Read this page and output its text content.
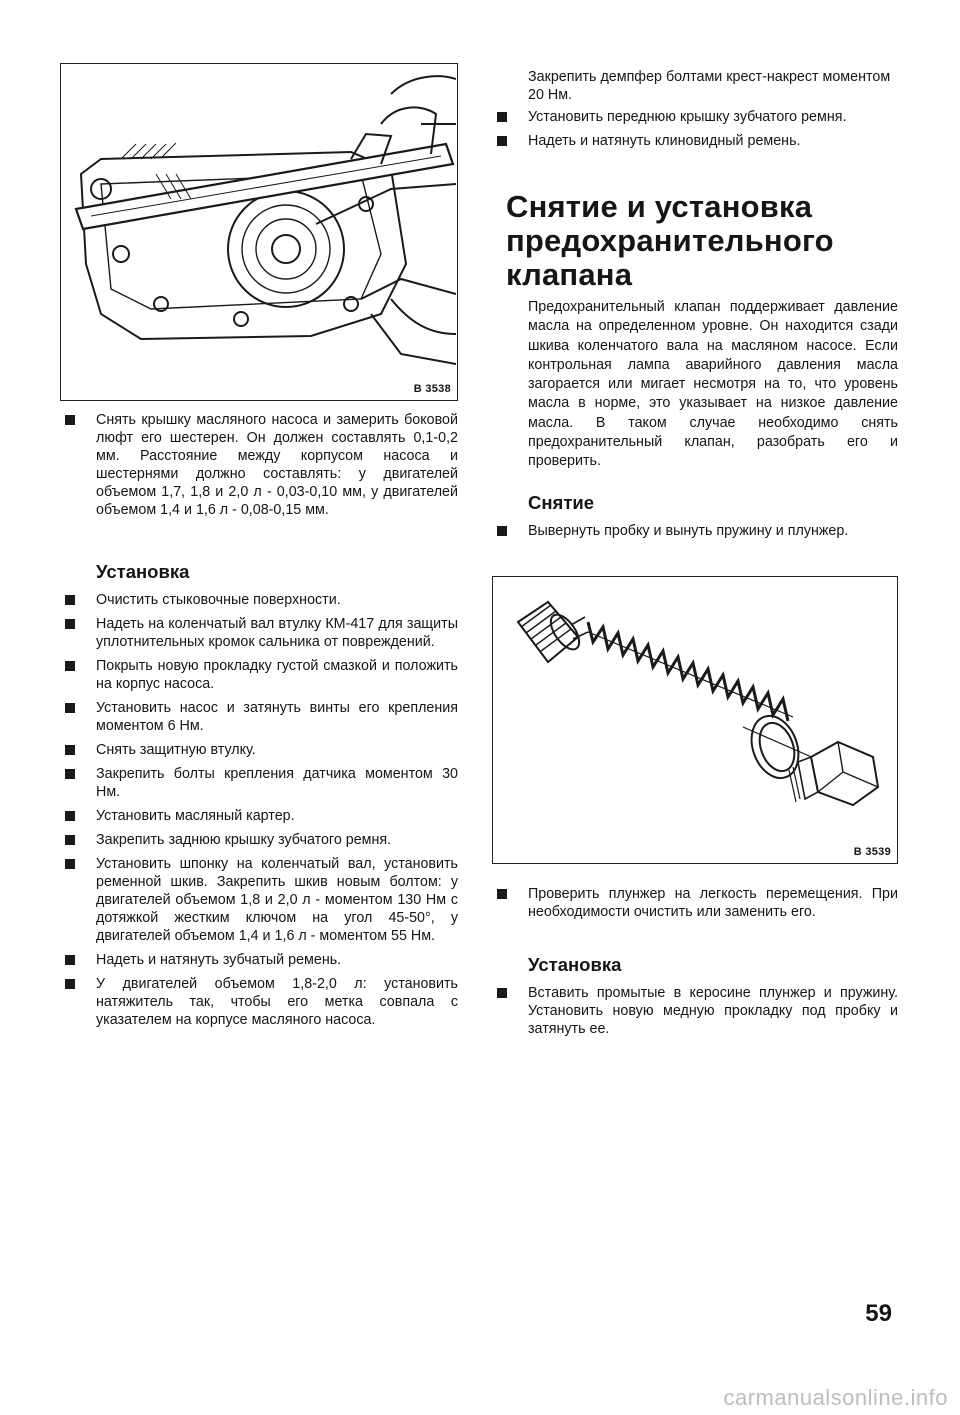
B 3538
Снять крышку масляного насоса и замерить боковой люфт его шестерен. Он должен составлять 0,1-0,2 мм. Расстояние между корпусом насоса и шестернями должно составлять: у двигателей объемом 1,7, 1,8 и 2,0 л - 0,03-0,10 мм, у двигателей объемом 1,4 и 1,6 л - 0,08-0,15 мм.
Установка
Очистить стыковочные поверхности.
Надеть на коленчатый вал втулку КМ-417 для защиты уплотнительных кромок сальника от повреждений.
Покрыть новую прокладку густой смазкой и положить на корпус насоса.
Установить насос и затянуть винты его крепления моментом 6 Нм.
Снять защитную втулку.
Закрепить болты крепления датчика моментом 30 Нм.
Установить масляный картер.
Закрепить заднюю крышку зубчатого ремня.
Установить шпонку на коленчатый вал, установить ременной шкив. Закрепить шкив новым болтом: у двигателей объемом 1,8 и 2,0 л - моментом 130 Нм с дотяжкой жестким ключом на угол 45-50°, у двигателей объемом 1,4 и 1,6 л - моментом 55 Нм.
Надеть и натянуть зубчатый ремень.
У двигателей объемом 1,8-2,0 л: установить натяжитель так, чтобы его метка совпала с указателем на корпусе масляного насоса.

Закрепить демпфер болтами крест-накрест моментом 20 Нм.

Установить переднюю крышку зубчатого ремня.
Надеть и натянуть клиновидный ремень.
Снятие и установка
предохранительного
клапана

Предохранительный клапан поддерживает давление масла на определенном уровне. Он находится сзади шкива коленчатого вала на масляном насосе. Если контрольная лампа аварийного давления масла загорается или мигает несмотря на то, что уровень масла в норме, это указывает на низкое давление масла. В таком случае необходимо снять предохранительный клапан, разобрать его и проверить.

Снятие
Вывернуть пробку и вынуть пружину и плунжер.
B 3539
Проверить плунжер на легкость перемещения. При необходимости очистить или заменить его.
Установка
Вставить промытые в керосине плунжер и пружину. Установить новую медную прокладку под пробку и затянуть ее.
59
carmanualsonline.info
